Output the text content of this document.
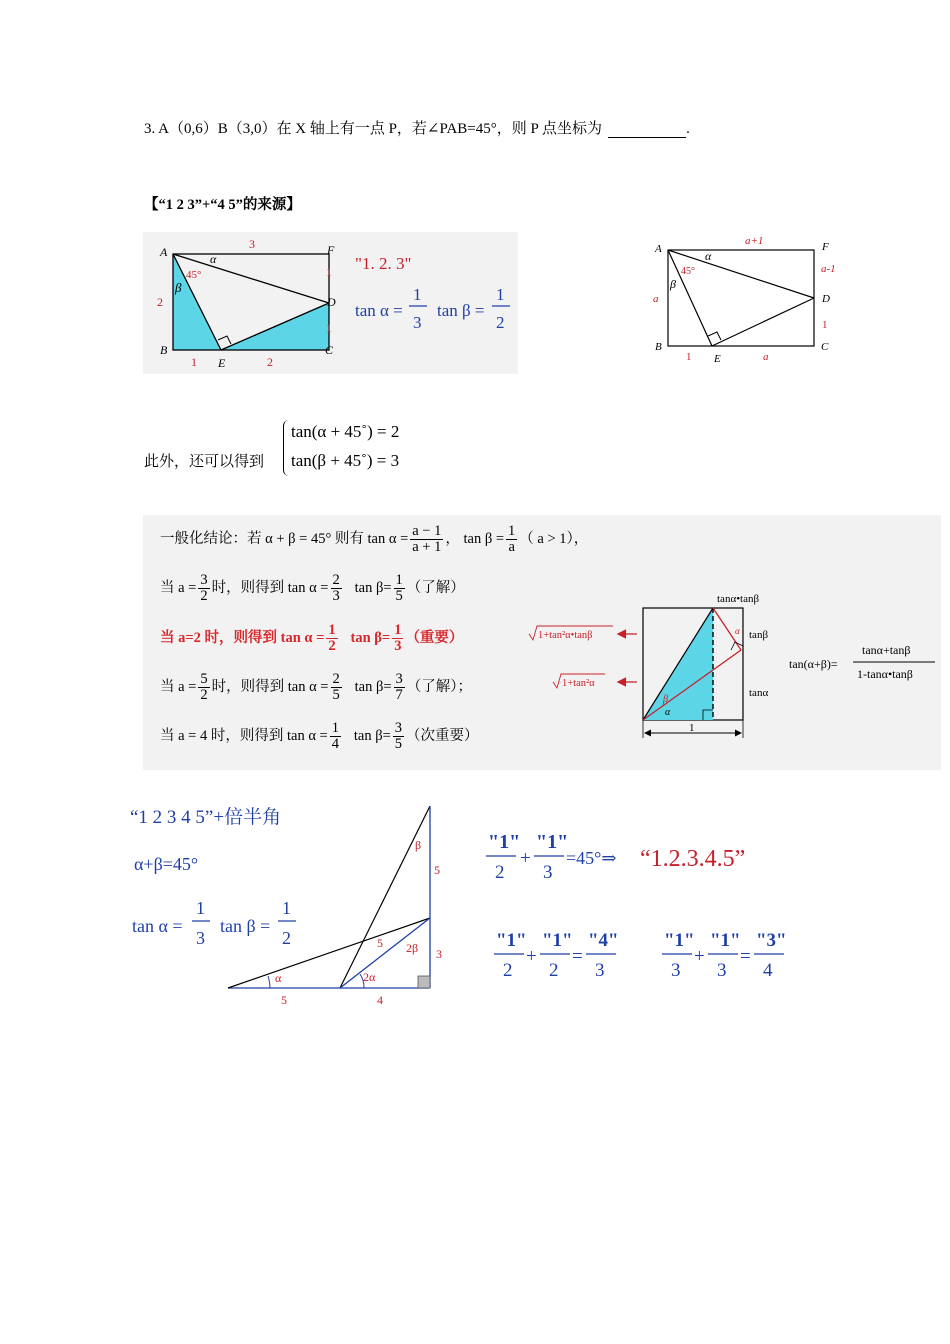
3. A（0,6）B（3,0）在 X 轴上有一点 P，若∠PAB=45°，则 P 点坐标为	.
【“1 2 3”+“4 5”的来源】
A
B	C
D
E
F
3
2
1
1
1	2
α
β
45°
"1. 2. 3"
tan α =
1
3
tan β =
1
2
A
B	C
D
E
F
a+1
a-1
1
a
1	a
α
β
45°
此外，还可以得到
tan(α + 45˚) = 2
tan(β + 45˚) = 3
一般化结论：若 α + β = 45° 则有 $\tan \alpha = \frac{a - 1}{a + 1}$ ， $\tan \beta = \frac{1}{a}$ （ a > 1），
当 $a = \frac{3}{2}$ 时，则得到 $\tan \alpha = \frac{2}{3}$ $\tan \beta= \frac{1}{5}$ （了解）
当 a=2 时，则得到 $\tan \alpha = \frac{1}{2}$ $\tan \beta= \frac{1}{3}$ （重要）
当 $a = \frac{5}{2}$ 时，则得到 $\tan \alpha = \frac{2}{5}$ $\tan \beta= \frac{3}{7}$ （了解）；
当 a = 4 时，则得到 $\tan \alpha = \frac{1}{4}$ $\tan \beta= \frac{3}{5}$ （次重要）
1
α
β
α
tanα•tanβ
tanβ
tanα
1+tan²α•tanβ
1+tan²α
tan(α+β)=
tanα+tanβ
1-tanα•tanβ
“1 2 3 4 5”+倍半角
α+β=45°
tan α =
1
3
tan β =
1
2
α	2α
β
2β
5
5
5	4
3
"1"
2
+
"1"
3
=45°⇒ “1.2.3.4.5”
"1"
2
+
"1"
2
=
"4"
3
"1"
3
+
"1"
3
=
"3"
4
